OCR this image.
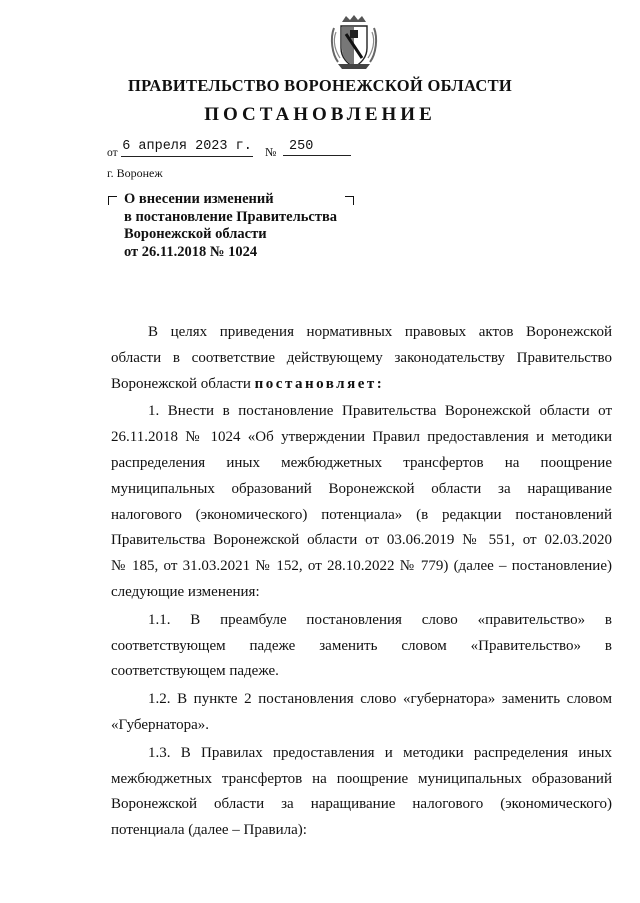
ПРАВИТЕЛЬСТВО ВОРОНЕЖСКОЙ ОБЛАСТИ
ПОСТАНОВЛЕНИЕ
от 6 апреля 2023 г. № 250
г. Воронеж
О внесении изменений
в постановление Правительства
Воронежской области
от 26.11.2018 № 1024

В целях приведения нормативных правовых актов Воронежской
области в соответствие действующему законодательству Правительство
Воронежской области постановляет:

1. Внести в постановление Правительства Воронежской области от
26.11.2018 № 1024 «Об утверждении Правил предоставления и методики
распределения иных межбюджетных трансфертов на поощрение
муниципальных образований Воронежской области за наращивание
налогового (экономического) потенциала» (в редакции постановлений
Правительства Воронежской области от 03.06.2019 № 551, от 02.03.2020
№ 185, от 31.03.2021 № 152, от 28.10.2022 № 779) (далее – постановление)
следующие изменения:

1.1. В преамбуле постановления слово «правительство» в
соответствующем падеже заменить словом «Правительство» в
соответствующем падеже.

1.2. В пункте 2 постановления слово «губернатора» заменить словом
«Губернатора».

1.3. В Правилах предоставления и методики распределения иных
межбюджетных трансфертов на поощрение муниципальных образований
Воронежской области за наращивание налогового (экономического)
потенциала (далее – Правила):
